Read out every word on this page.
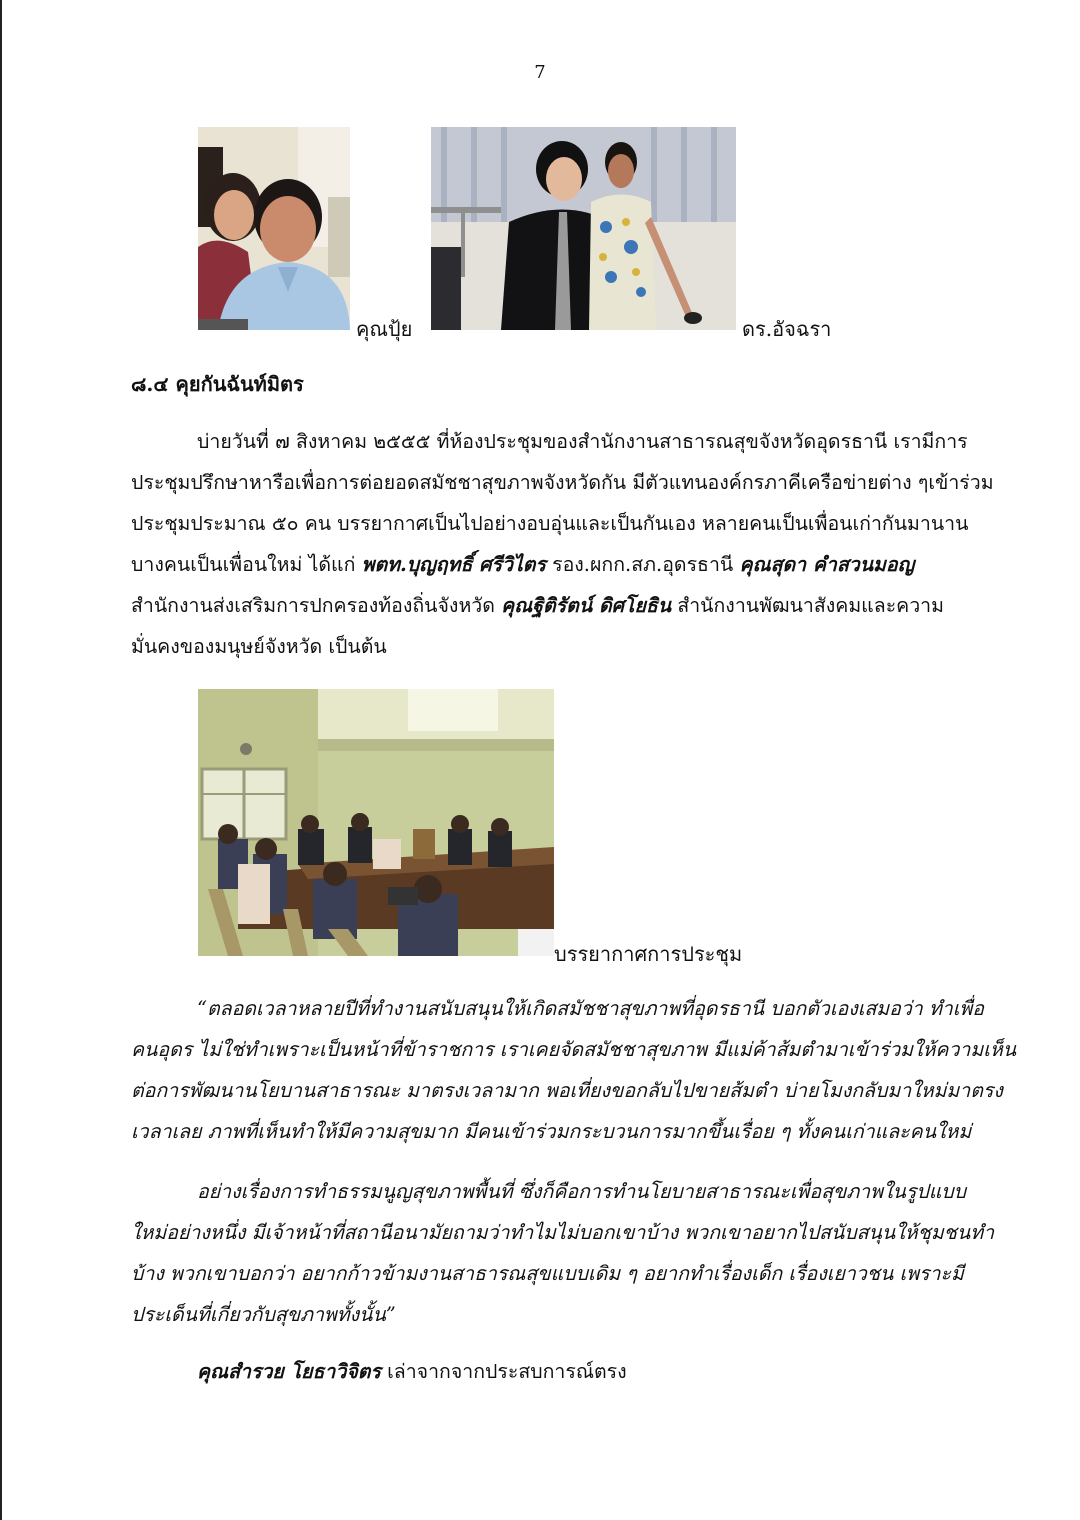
7
คุณปุ้ย	ดร.อัจฉรา
๘.๔ คุยกันฉันท์มิตร
บ่ายวันที่ ๗ สิงหาคม ๒๕๕๕ ที่ห้องประชุมของสำนักงานสาธารณสุขจังหวัดอุดรธานี เรามีการ
ประชุมปรึกษาหารือเพื่อการต่อยอดสมัชชาสุขภาพจังหวัดกัน มีตัวแทนองค์กรภาคีเครือข่ายต่าง ๆเข้าร่วม
ประชุมประมาณ ๕๐ คน บรรยากาศเป็นไปอย่างอบอุ่นและเป็นกันเอง หลายคนเป็นเพื่อนเก่ากันมานาน
บางคนเป็นเพื่อนใหม่ ได้แก่ พตท.บุญฤทธิ์ ศรีวิไตร รอง.ผกก.สภ.อุดรธานี คุณสุดา คำสวนมอญ
สำนักงานส่งเสริมการปกครองท้องถิ่นจังหวัด คุณฐิติรัตน์ ดิศโยธิน สำนักงานพัฒนาสังคมและความ
มั่นคงของมนุษย์จังหวัด เป็นต้น
บรรยากาศการประชุม
“ตลอดเวลาหลายปีที่ทำงานสนับสนุนให้เกิดสมัชชาสุขภาพที่อุดรธานี บอกตัวเองเสมอว่า ทำเพื่อ
คนอุดร ไม่ใช่ทำเพราะเป็นหน้าที่ข้าราชการ เราเคยจัดสมัชชาสุขภาพ มีแม่ค้าส้มตำมาเข้าร่วมให้ความเห็น
ต่อการพัฒนานโยบานสาธารณะ มาตรงเวลามาก พอเที่ยงขอกลับไปขายส้มตำ บ่ายโมงกลับมาใหม่มาตรง
เวลาเลย ภาพที่เห็นทำให้มีความสุขมาก มีคนเข้าร่วมกระบวนการมากขึ้นเรื่อย ๆ ทั้งคนเก่าและคนใหม่
อย่างเรื่องการทำธรรมนูญสุขภาพพื้นที่ ซึ่งก็คือการทำนโยบายสาธารณะเพื่อสุขภาพในรูปแบบ
ใหม่อย่างหนึ่ง มีเจ้าหน้าที่สถานีอนามัยถามว่าทำไมไม่บอกเขาบ้าง พวกเขาอยากไปสนับสนุนให้ชุมชนทำ
บ้าง พวกเขาบอกว่า อยากก้าวข้ามงานสาธารณสุขแบบเดิม ๆ อยากทำเรื่องเด็ก เรื่องเยาวชน เพราะมี
ประเด็นที่เกี่ยวกับสุขภาพทั้งนั้น”
คุณสำรวย โยธาวิจิตร เล่าจากจากประสบการณ์ตรง
